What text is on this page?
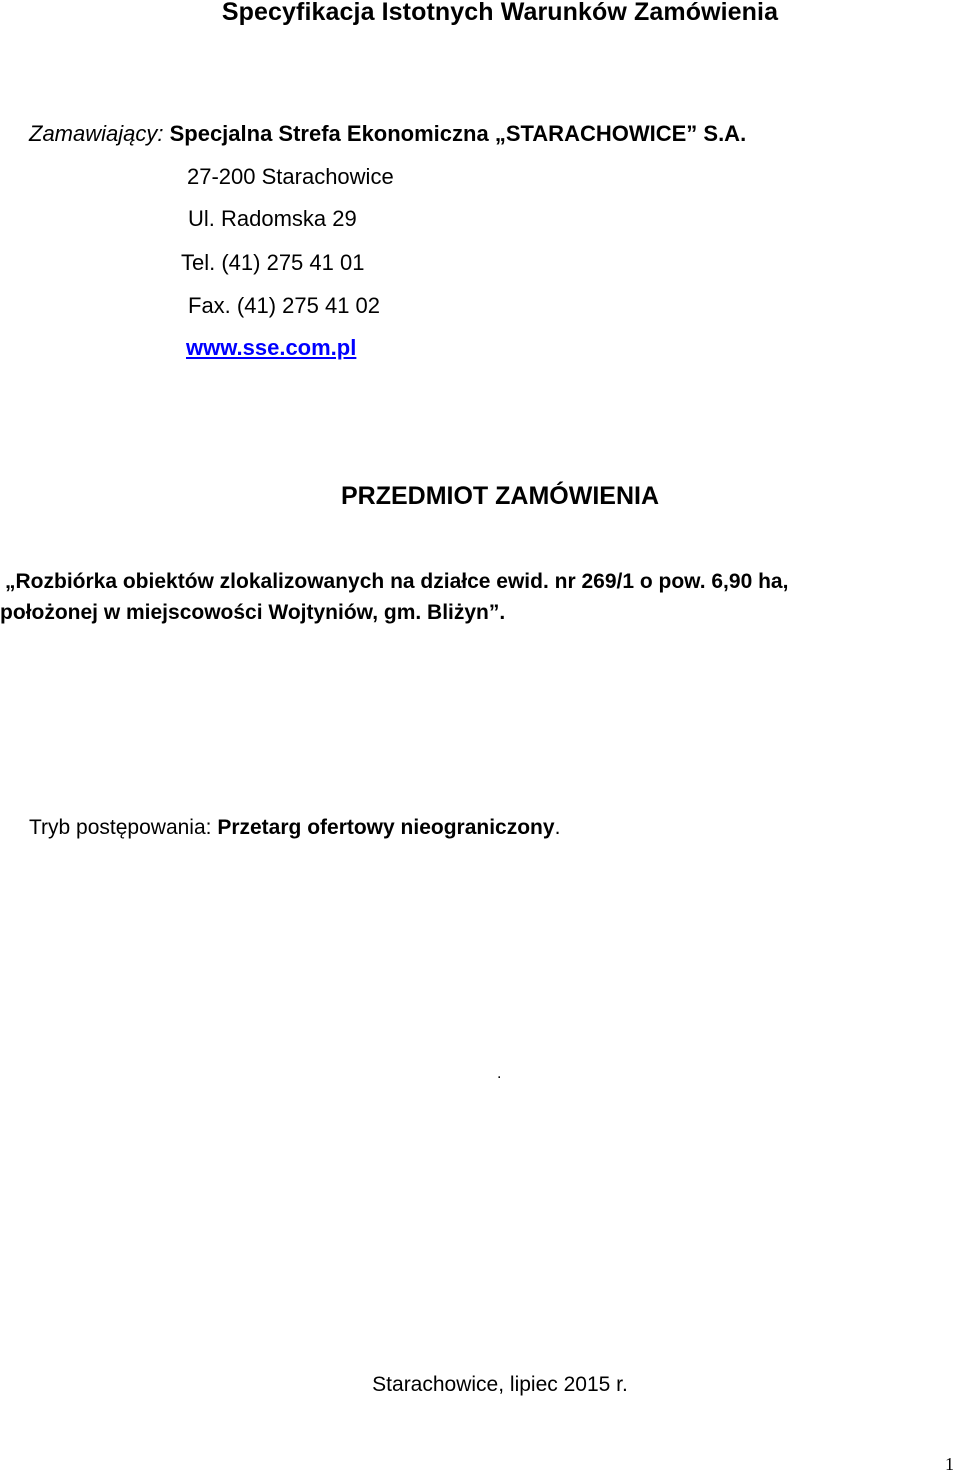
Specyfikacja Istotnych Warunków Zamówienia
Zamawiający: Specjalna Strefa Ekonomiczna „STARACHOWICE” S.A.
27-200 Starachowice
Ul. Radomska 29
Tel. (41) 275 41 01
Fax. (41) 275 41 02
www.sse.com.pl
PRZEDMIOT ZAMÓWIENIA
„Rozbiórka obiektów zlokalizowanych na działce ewid. nr 269/1 o pow. 6,90 ha,
położonej w miejscowości Wojtyniów, gm. Bliżyn”.
Tryb postępowania: Przetarg ofertowy nieograniczony.
.
Starachowice, lipiec 2015 r.
1
